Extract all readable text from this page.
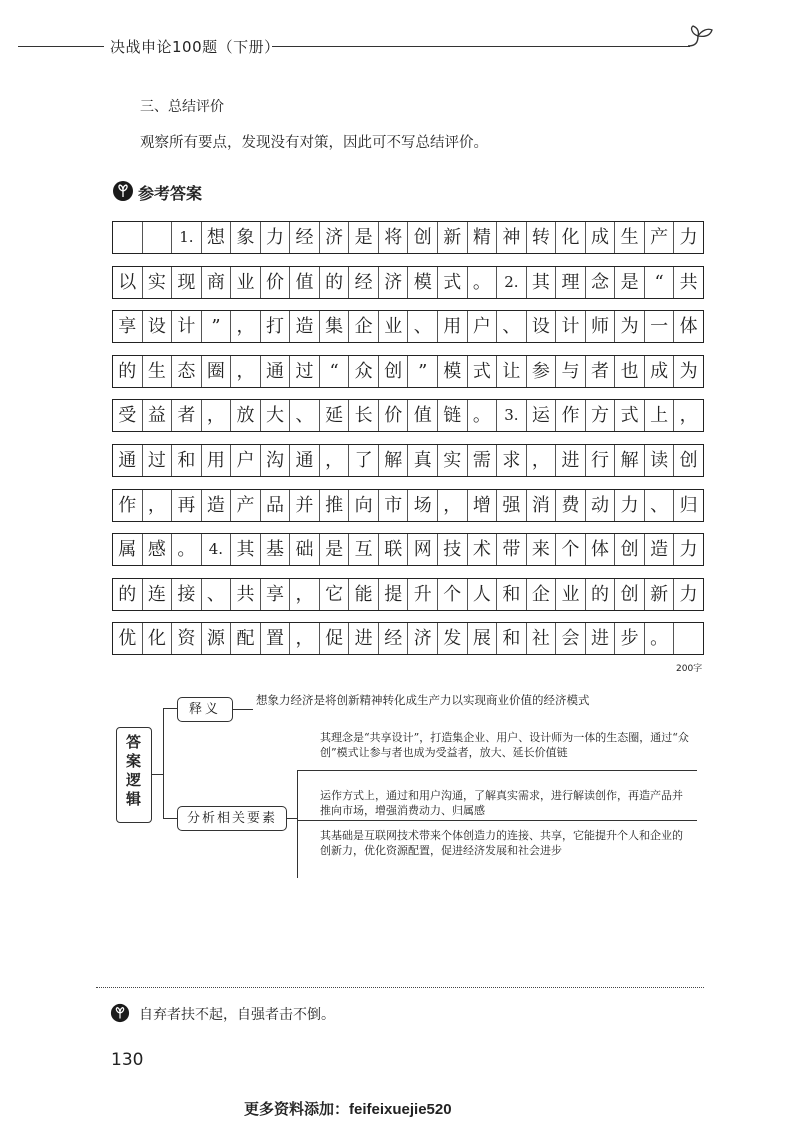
决战申论100题（下册）
三、总结评价
观察所有要点，发现没有对策，因此可不写总结评价。
参考答案
1. 想 象 力 经 济 是 将 创 新 精 神 转 化 成 生 产 力
以 实 现 商 业 价 值 的 经 济 模 式 。 2. 其 理 念 是 “ 共
享 设 计 ” ， 打 造 集 企 业 、 用 户 、 设 计 师 为 一 体
的 生 态 圈 ， 通 过 “ 众 创 ” 模 式 让 参 与 者 也 成 为
受 益 者 ， 放 大 、 延 长 价 值 链 。 3. 运 作 方 式 上 ，
通 过 和 用 户 沟 通 ， 了 解 真 实 需 求 ， 进 行 解 读 创
作 ， 再 造 产 品 并 推 向 市 场 ， 增 强 消 费 动 力 、 归
属 感 。 4. 其 基 础 是 互 联 网 技 术 带 来 个 体 创 造 力
的 连 接 、 共 享 ， 它 能 提 升 个 人 和 企 业 的 创 新 力
优 化 资 源 配 置 ， 促 进 经 济 发 展 和 社 会 进 步 。
200字
答案逻辑
释义
想象力经济是将创新精神转化成生产力以实现商业价值的经济模式
分析相关要素
其理念是“共享设计”，打造集企业、用户、设计师为一体的生态圈，通过“众创”模式让参与者也成为受益者，放大、延长价值链
运作方式上，通过和用户沟通，了解真实需求，进行解读创作，再造产品并推向市场，增强消费动力、归属感
其基础是互联网技术带来个体创造力的连接、共享，它能提升个人和企业的创新力，优化资源配置，促进经济发展和社会进步
自弃者扶不起，自强者击不倒。
130
更多资料添加：feifeixuejie520
